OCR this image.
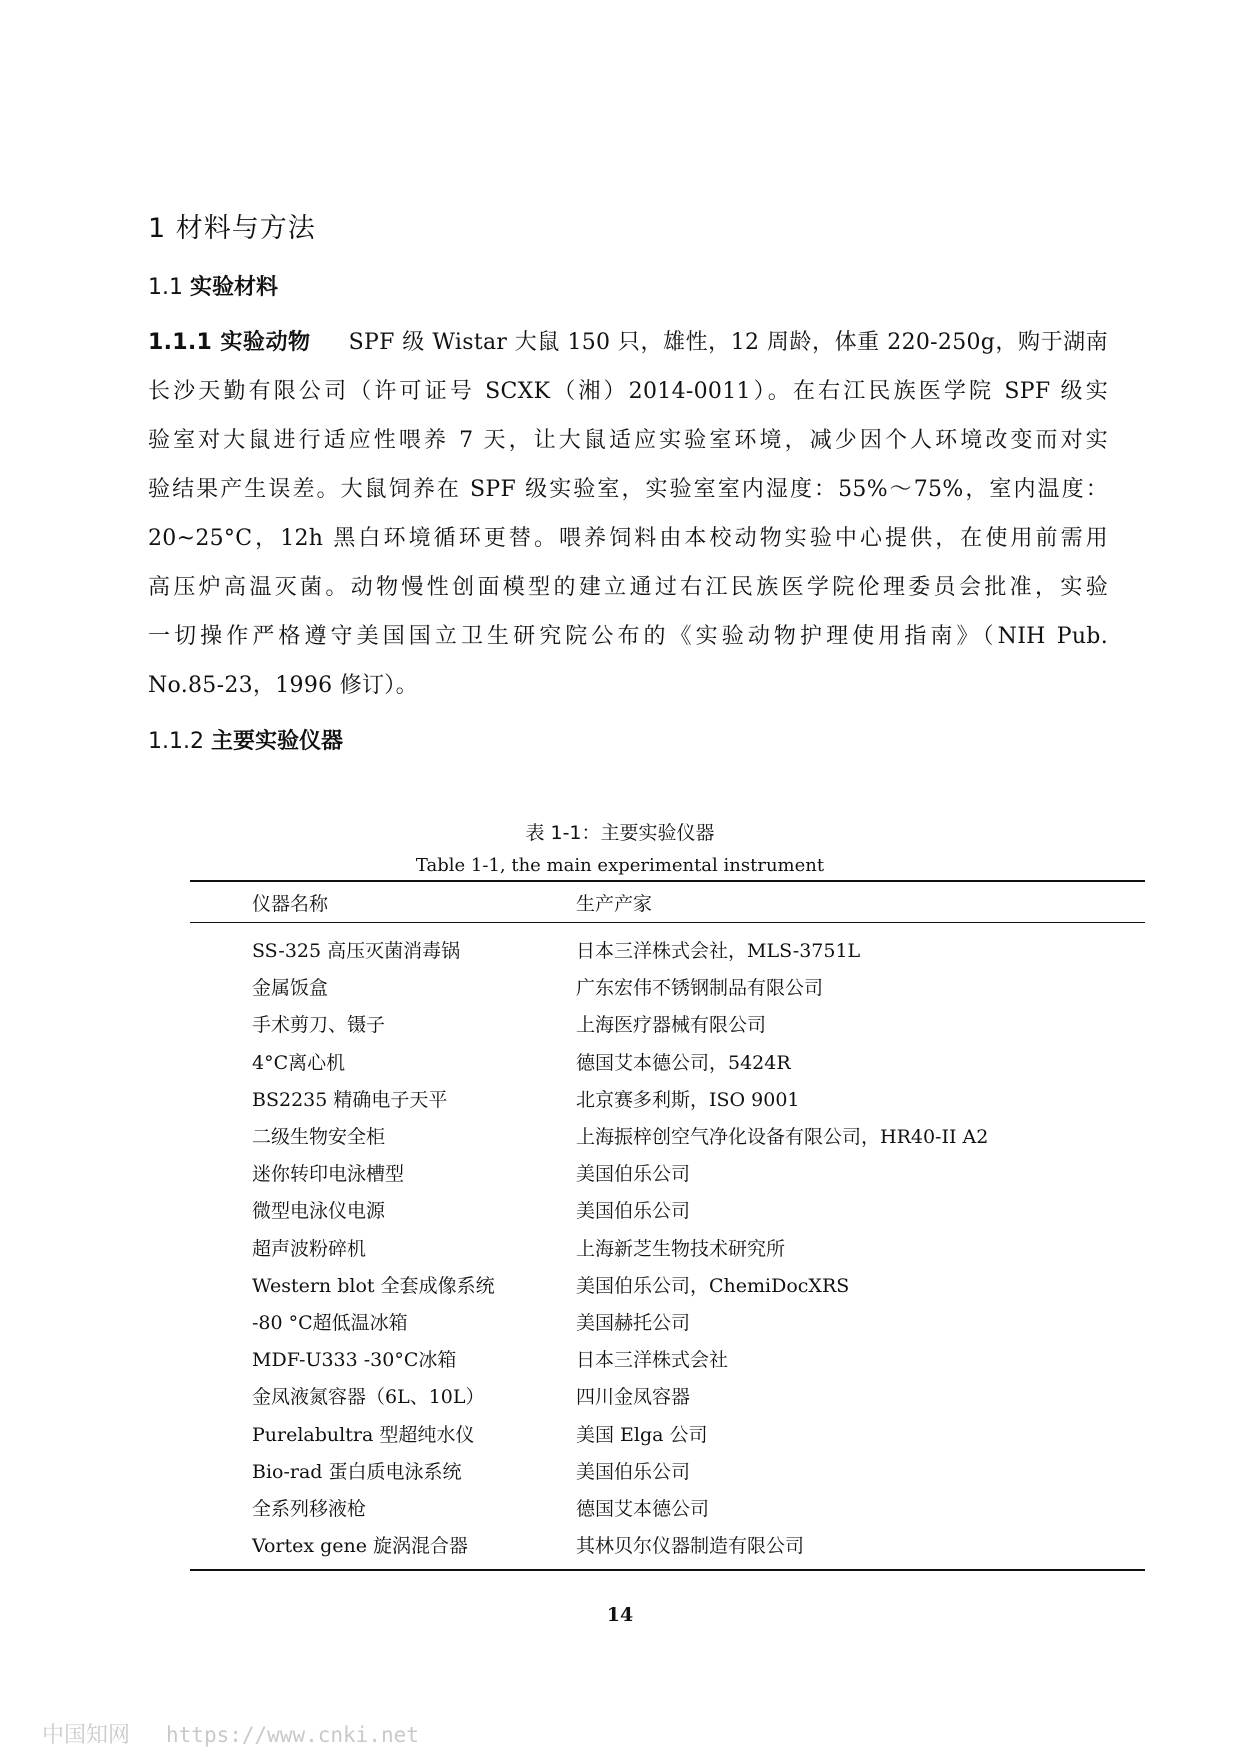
1 材料与方法
1.1 实验材料
1.1.1 实验动物 SPF 级 Wistar 大鼠 150 只，雄性，12 周龄，体重 220-250g，购于湖南
长沙天勤有限公司（许可证号 SCXK（湘）2014-0011）。在右江民族医学院 SPF 级实
验室对大鼠进行适应性喂养 7 天，让大鼠适应实验室环境，减少因个人环境改变而对实
验结果产生误差。大鼠饲养在 SPF 级实验室，实验室室内湿度：55%～75%，室内温度：
20~25°C，12h 黑白环境循环更替。喂养饲料由本校动物实验中心提供，在使用前需用
高压炉高温灭菌。动物慢性创面模型的建立通过右江民族医学院伦理委员会批准，实验
一切操作严格遵守美国国立卫生研究院公布的《实验动物护理使用指南》（NIH Pub.
No.85-23，1996 修订）。
1.1.2 主要实验仪器
表 1-1：主要实验仪器
Table 1-1, the main experimental instrument
仪器名称	生产产家
SS-325 高压灭菌消毒锅	日本三洋株式会社，MLS-3751L
金属饭盒	广东宏伟不锈钢制品有限公司
手术剪刀、镊子	上海医疗器械有限公司
4°C离心机	德国艾本德公司，5424R
BS2235 精确电子天平	北京赛多利斯，ISO 9001
二级生物安全柜	上海振梓创空气净化设备有限公司，HR40-II A2
迷你转印电泳槽型	美国伯乐公司
微型电泳仪电源	美国伯乐公司
超声波粉碎机	上海新芝生物技术研究所
Western blot 全套成像系统	美国伯乐公司，ChemiDocXRS
-80 °C超低温冰箱	美国赫托公司
MDF-U333 -30°C冰箱	日本三洋株式会社
金凤液氮容器（6L、10L）	四川金凤容器
Purelabultra 型超纯水仪	美国 Elga 公司
Bio-rad 蛋白质电泳系统	美国伯乐公司
全系列移液枪	德国艾本德公司
Vortex gene 旋涡混合器	其林贝尔仪器制造有限公司
14
中国知网 https://www.cnki.net
